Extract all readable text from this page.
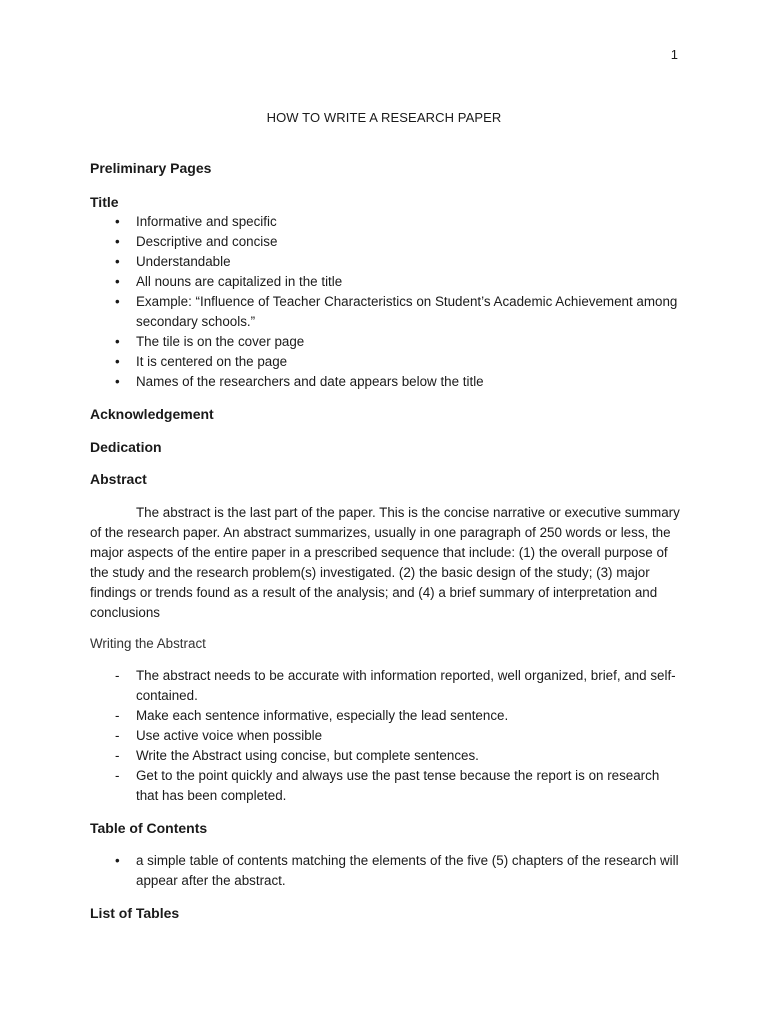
1
HOW TO WRITE A RESEARCH PAPER

Preliminary Pages

Title

• Informative and specific
• Descriptive and concise
• Understandable
• All nouns are capitalized in the title
• Example: “Influence of Teacher Characteristics on Student’s Academic Achievement among secondary schools.”
• The tile is on the cover page
• It is centered on the page
• Names of the researchers and date appears below the title

Acknowledgement

Dedication

Abstract

The abstract is the last part of the paper. This is the concise narrative or executive summary of the research paper. An abstract summarizes, usually in one paragraph of 250 words or less, the major aspects of the entire paper in a prescribed sequence that include: (1) the overall purpose of the study and the research problem(s) investigated. (2) the basic design of the study; (3) major findings or trends found as a result of the analysis; and (4) a brief summary of interpretation and conclusions

Writing the Abstract

- The abstract needs to be accurate with information reported, well organized, brief, and self-contained.
- Make each sentence informative, especially the lead sentence.
- Use active voice when possible
- Write the Abstract using concise, but complete sentences.
- Get to the point quickly and always use the past tense because the report is on research that has been completed.

Table of Contents

• a simple table of contents matching the elements of the five (5) chapters of the research will appear after the abstract.

List of Tables
